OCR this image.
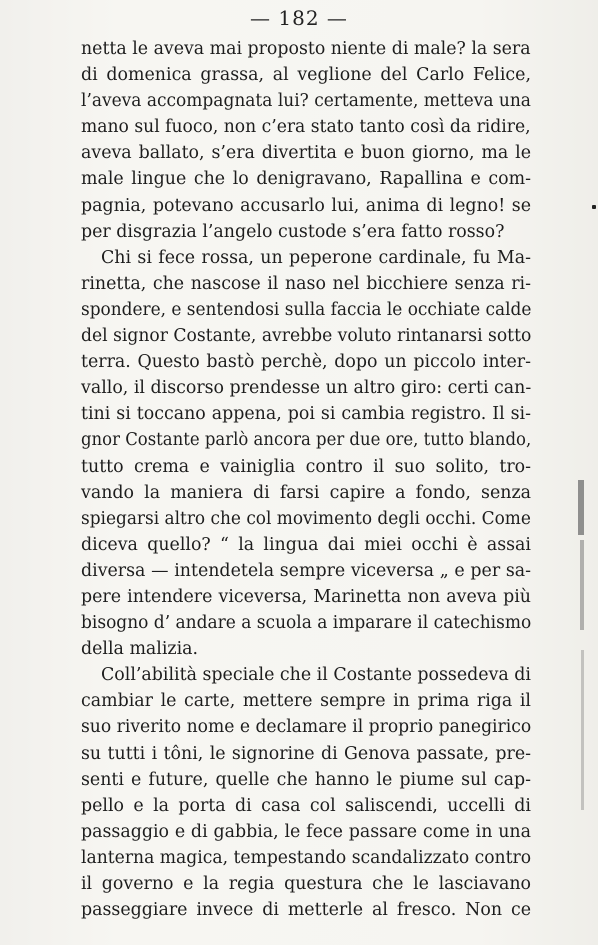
— 182 —
netta le aveva mai proposto niente di male? la sera
di domenica grassa, al veglione del Carlo Felice,
l’aveva accompagnata lui? certamente, metteva una
mano sul fuoco, non c’era stato tanto così da ridire,
aveva ballato, s’era divertita e buon giorno, ma le
male lingue che lo denigravano, Rapallina e com-
pagnia, potevano accusarlo lui, anima di legno! se
per disgrazia l’angelo custode s’era fatto rosso?
Chi si fece rossa, un peperone cardinale, fu Ma-
rinetta, che nascose il naso nel bicchiere senza ri-
spondere, e sentendosi sulla faccia le occhiate calde
del signor Costante, avrebbe voluto rintanarsi sotto
terra. Questo bastò perchè, dopo un piccolo inter-
vallo, il discorso prendesse un altro giro: certi can-
tini si toccano appena, poi si cambia registro. Il si-
gnor Costante parlò ancora per due ore, tutto blando,
tutto crema e vainiglia contro il suo solito, tro-
vando la maniera di farsi capire a fondo, senza
spiegarsi altro che col movimento degli occhi. Come
diceva quello? “ la lingua dai miei occhi è assai
diversa — intendetela sempre viceversa „ e per sa-
pere intendere viceversa, Marinetta non aveva più
bisogno d’ andare a scuola a imparare il catechismo
della malizia.
Coll’abilità speciale che il Costante possedeva di
cambiar le carte, mettere sempre in prima riga il
suo riverito nome e declamare il proprio panegirico
su tutti i tôni, le signorine di Genova passate, pre-
senti e future, quelle che hanno le piume sul cap-
pello e la porta di casa col saliscendi, uccelli di
passaggio e di gabbia, le fece passare come in una
lanterna magica, tempestando scandalizzato contro
il governo e la regia questura che le lasciavano
passeggiare invece di metterle al fresco. Non ce
